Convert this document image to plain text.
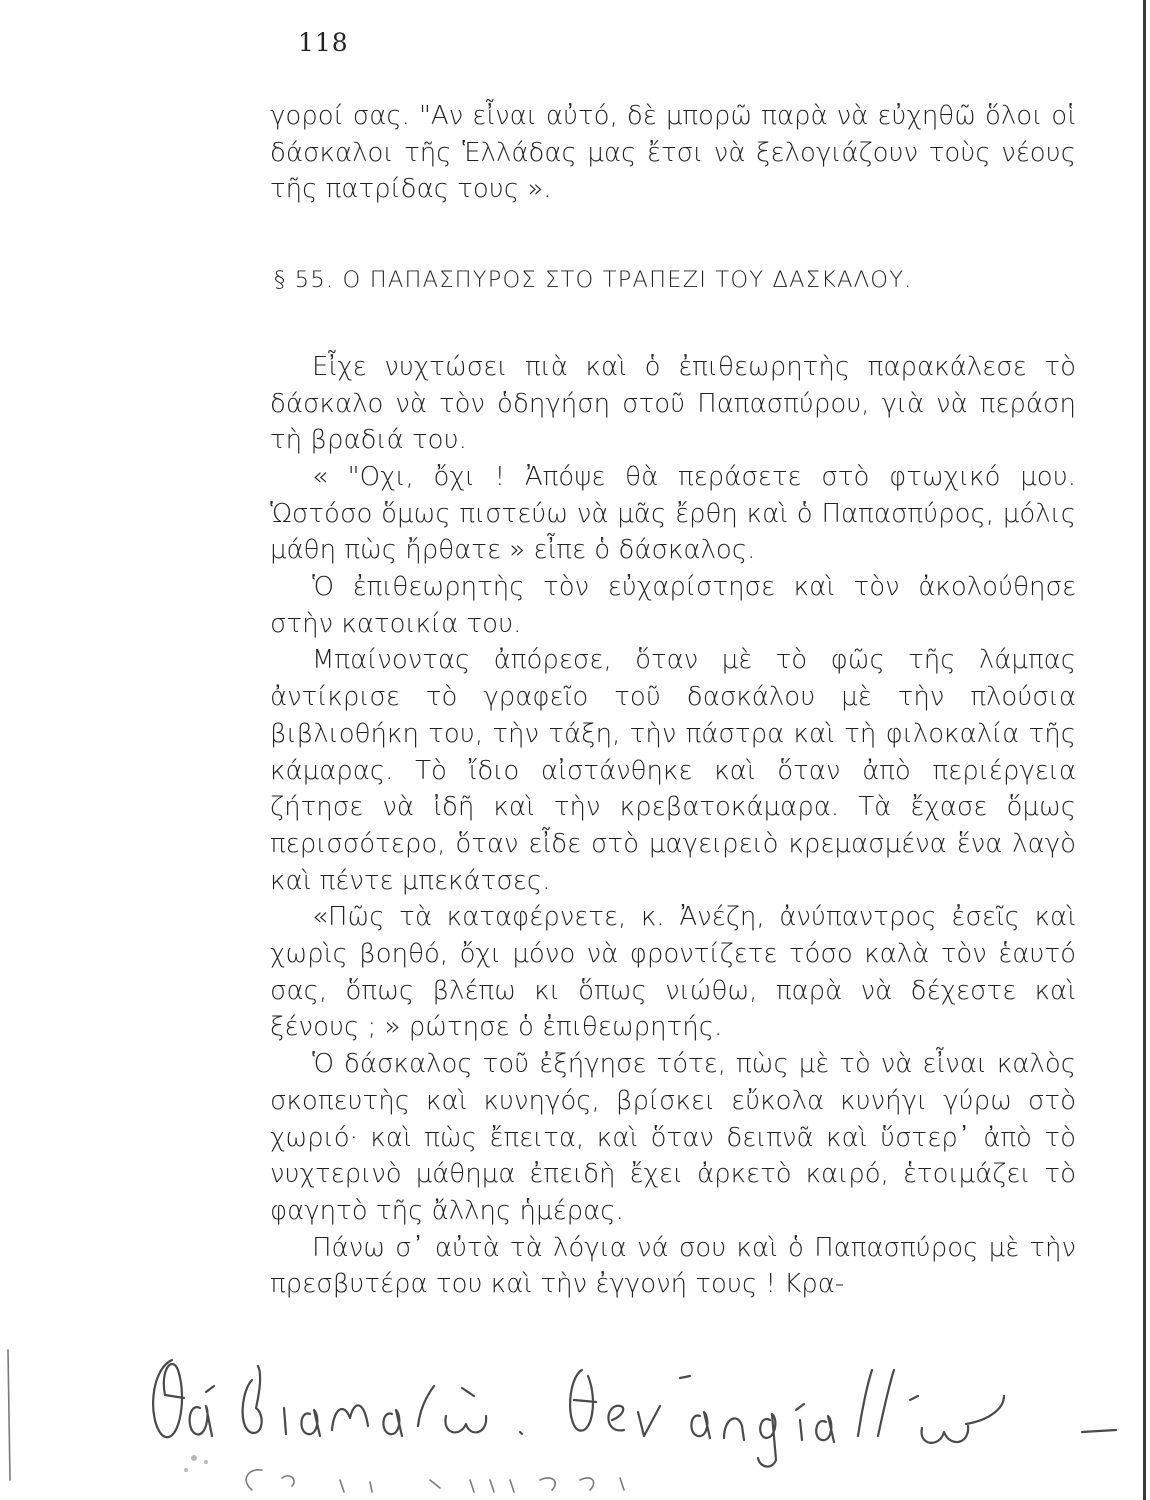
118

γοροί σας. "Αν εἶναι αὐτό, δὲ μπορῶ παρὰ νὰ εὐχηθῶ ὅλοι οἱ δάσκαλοι τῆς Ἑλλάδας μας ἔτσι νὰ ξελογιάζουν τοὺς νέους τῆς πατρίδας τους ».

§ 55. Ο ΠΑΠΑΣΠΥΡΟΣ ΣΤΟ ΤΡΑΠΕΖΙ ΤΟΥ ΔΑΣΚΑΛΟΥ.

Εἶχε νυχτώσει πιὰ καὶ ὁ ἐπιθεωρητὴς παρακάλεσε τὸ δάσκαλο νὰ τὸν ὁδηγήση στοῦ Παπασπύρου, γιὰ νὰ περάση τὴ βραδιά του.

« "Οχι, ὄχι ! Ἀπόψε θὰ περάσετε στὸ φτωχικό μου. Ὡστόσο ὅμως πιστεύω νὰ μᾶς ἔρθη καὶ ὁ Παπασπύρος, μόλις μάθη πὼς ἤρθατε » εἶπε ὁ δάσκαλος.

Ὁ ἐπιθεωρητὴς τὸν εὐχαρίστησε καὶ τὸν ἀκολούθησε στὴν κατοικία του.

Μπαίνοντας ἀπόρεσε, ὅταν μὲ τὸ φῶς τῆς λάμπας ἀντίκρισε τὸ γραφεῖο τοῦ δασκάλου μὲ τὴν πλούσια βιβλιοθήκη του, τὴν τάξη, τὴν πάστρα καὶ τὴ φιλοκαλία τῆς κάμαρας. Τὸ ἴδιο αἰστάνθηκε καὶ ὅταν ἀπὸ περιέργεια ζήτησε νὰ ἰδῆ καὶ τὴν κρεβατοκάμαρα. Τὰ ἔχασε ὅμως περισσότερο, ὅταν εἶδε στὸ μαγειρειὸ κρεμασμένα ἕνα λαγὸ καὶ πέντε μπεκάτσες.

«Πῶς τὰ καταφέρνετε, κ. Ἀνέζη, ἀνύπαντρος ἐσεῖς καὶ χωρὶς βοηθό, ὄχι μόνο νὰ φροντίζετε τόσο καλὰ τὸν ἑαυτό σας, ὅπως βλέπω κι ὅπως νιώθω, παρὰ νὰ δέχεστε καὶ ξένους ; » ρώτησε ὁ ἐπιθεωρητής.

Ὁ δάσκαλος τοῦ ἐξήγησε τότε, πὼς μὲ τὸ νὰ εἶναι καλὸς σκοπευτὴς καὶ κυνηγός, βρίσκει εὔκολα κυνήγι γύρω στὸ χωριό· καὶ πὼς ἔπειτα, καὶ ὅταν δειπνᾶ καὶ ὕστερ᾽ ἀπὸ τὸ νυχτερινὸ μάθημα ἐπειδὴ ἔχει ἀρκετὸ καιρό, ἑτοιμάζει τὸ φαγητὸ τῆς ἄλλης ἡμέρας.

Πάνω σ᾽ αὐτὰ τὰ λόγια νά σου καὶ ὁ Παπασπύρος μὲ τὴν πρεσβυτέρα του καὶ τὴν ἐγγονή τους ! Κρα-
